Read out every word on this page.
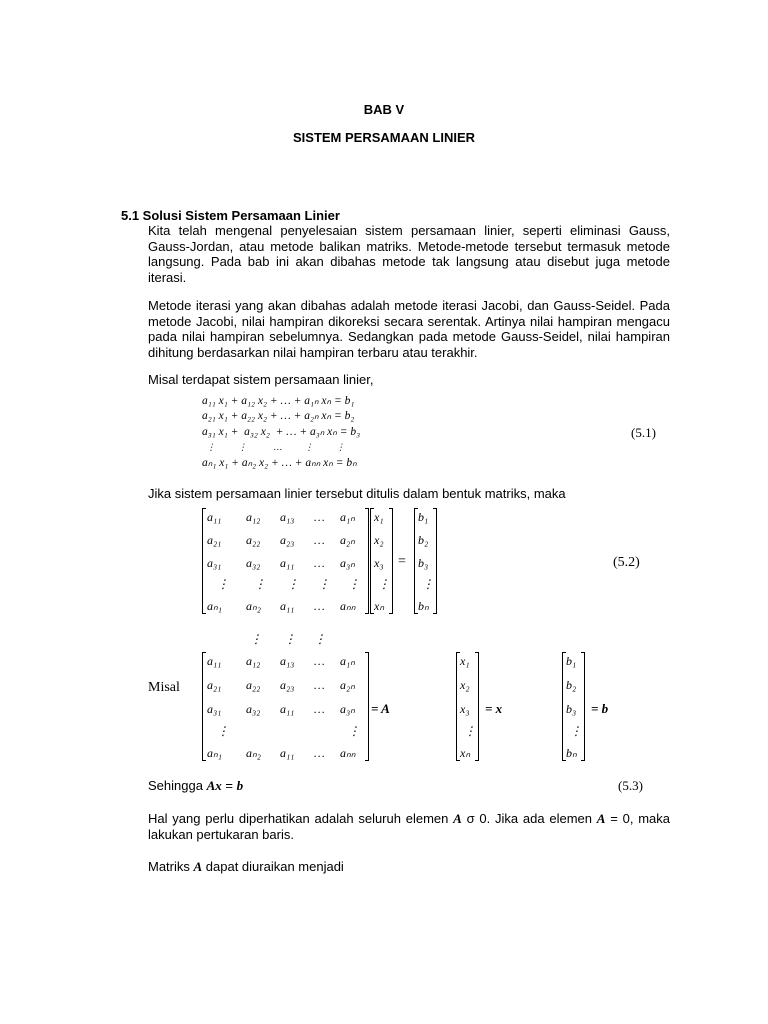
BAB V
SISTEM PERSAMAAN LINIER
5.1 Solusi Sistem Persamaan Linier
Kita telah mengenal penyelesaian sistem persamaan linier, seperti eliminasi Gauss, Gauss-Jordan, atau metode balikan matriks. Metode-metode tersebut termasuk metode langsung. Pada bab ini akan dibahas metode tak langsung atau disebut juga metode iterasi.
Metode iterasi yang akan dibahas adalah metode iterasi Jacobi, dan Gauss-Seidel. Pada metode Jacobi, nilai hampiran dikoreksi secara serentak. Artinya nilai hampiran mengacu pada nilai hampiran sebelumnya. Sedangkan pada metode Gauss-Seidel, nilai hampiran dihitung berdasarkan nilai hampiran terbaru atau terakhir.
Misal terdapat sistem persamaan linier,
a₁₁ x₁ + a₁₂ x₂ + … + a₁ₙ xₙ = b₁
a₂₁ x₁ + a₂₂ x₂ + … + a₂ₙ xₙ = b₂
a₃₁ x₁ +  a₃₂ x₂  + … + a₃ₙ xₙ = b₃
⋮          ⋮            …          ⋮          ⋮
aₙ₁ x₁ + aₙ₂ x₂ + … + aₙₙ xₙ = bₙ
(5.1)
Jika sistem persamaan linier tersebut ditulis dalam bentuk matriks, maka
a₁₁ a₁₂ a₁₃ … a₁ₙ
a₂₁ a₂₂ a₂₃ … a₂ₙ
a₃₁ a₃₂ a₁₁ … a₃ₙ
⋮ ⋮ ⋮ ⋮ ⋮
aₙ₁ aₙ₂ a₁₁ … aₙₙ
x₁
x₂
x₃
⋮
xₙ
=
b₁
b₂
b₃
⋮
bₙ
(5.2)
⋮ ⋮ ⋮
Misal
a₁₁ a₁₂ a₁₃ … a₁ₙ
a₂₁ a₂₂ a₂₃ … a₂ₙ
a₃₁ a₃₂ a₁₁ … a₃ₙ
⋮	⋮
aₙ₁ aₙ₂ a₁₁ … aₙₙ
= A
x₁
x₂
x₃
⋮
xₙ
= x
b₁
b₂
b₃
⋮
bₙ
= b
Sehingga Ax = b	(5.3)
Hal yang perlu diperhatikan adalah seluruh elemen A σ 0. Jika ada elemen A = 0, maka lakukan pertukaran baris.
Matriks A dapat diuraikan menjadi
